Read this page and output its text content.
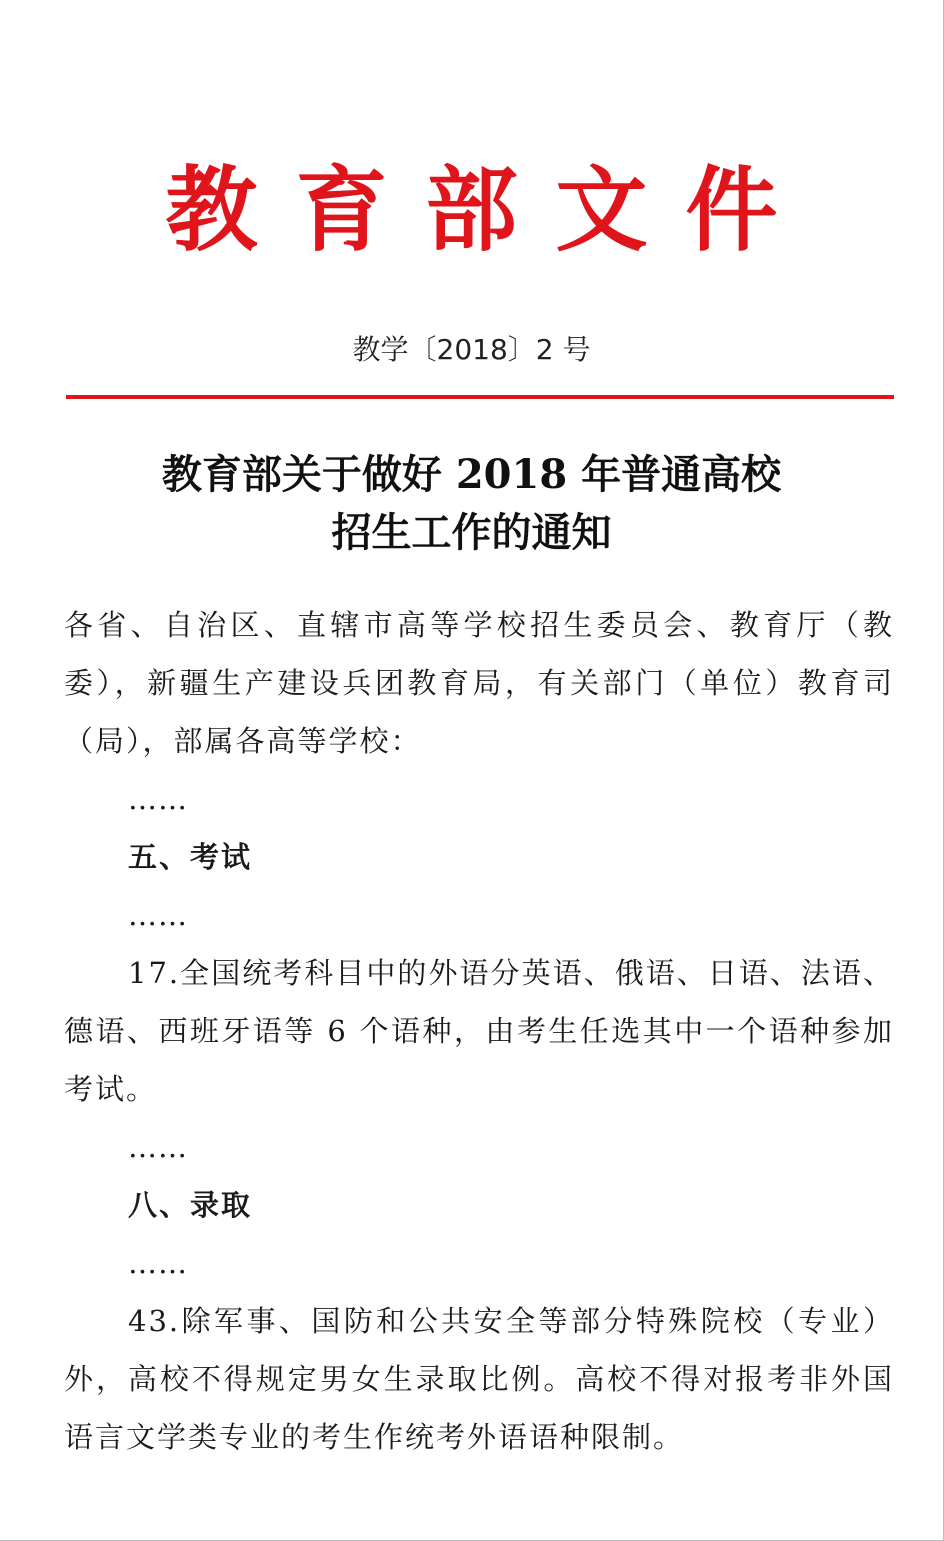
教育部文件
教学〔2018〕2 号
教育部关于做好 2018 年普通高校
招生工作的通知

各省、自治区、直辖市高等学校招生委员会、教育厅（教委），新疆生产建设兵团教育局，有关部门（单位）教育司（局），部属各高等学校：

……

五、考试

……

17.全国统考科目中的外语分英语、俄语、日语、法语、德语、西班牙语等 6 个语种，由考生任选其中一个语种参加考试。

……

八、录取

……

43.除军事、国防和公共安全等部分特殊院校（专业）外，高校不得规定男女生录取比例。高校不得对报考非外国语言文学类专业的考生作统考外语语种限制。
